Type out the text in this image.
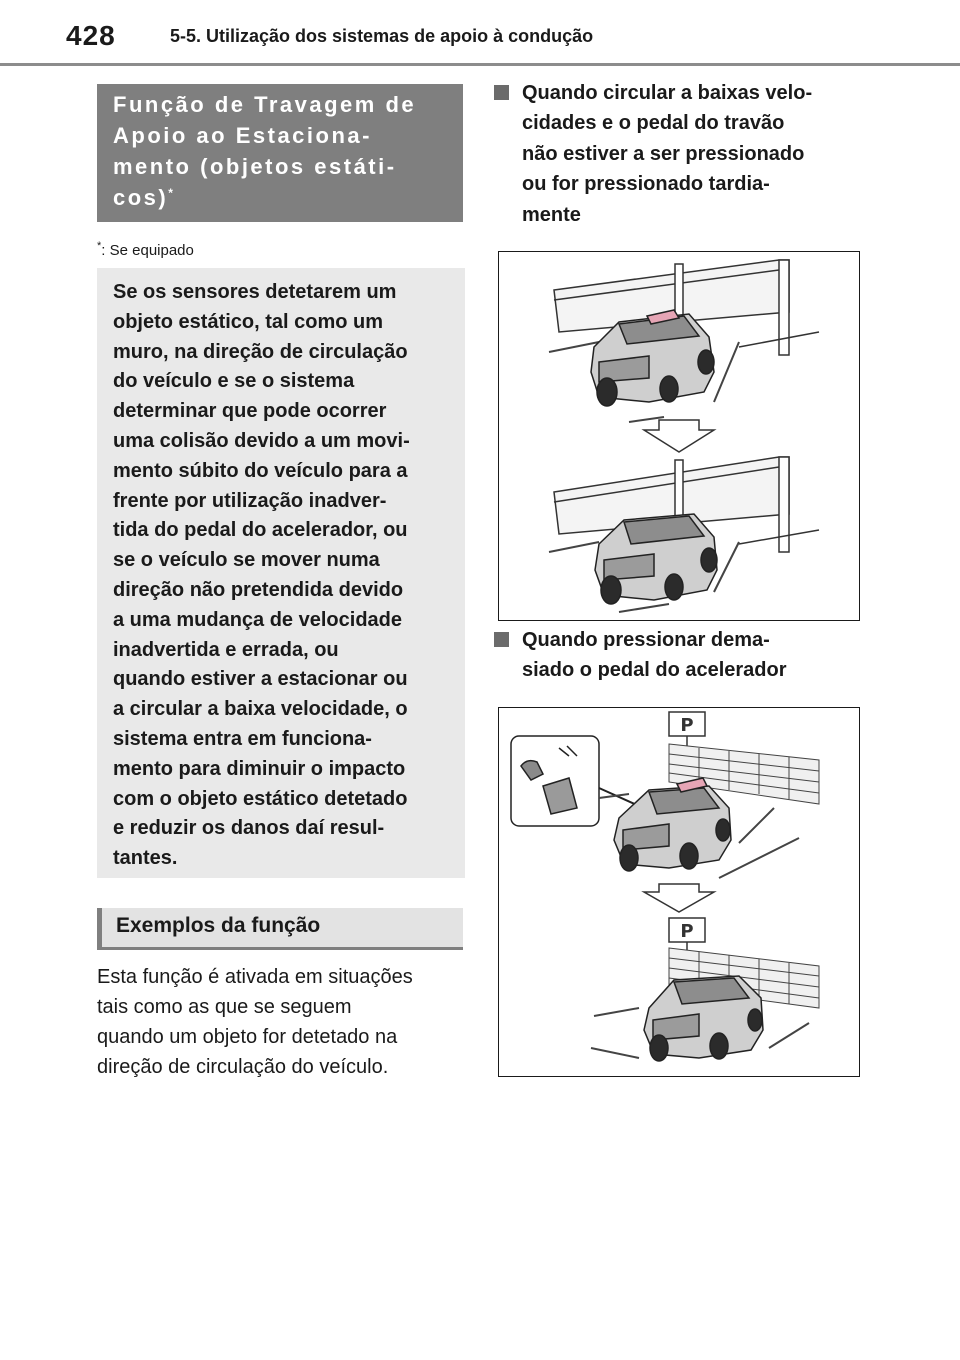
428	5-5. Utilização dos sistemas de apoio à condução
Função de Travagem de
Apoio ao Estaciona-
mento (objetos estáti-
cos)*
*: Se equipado
Se os sensores detetarem um
objeto estático, tal como um
muro, na direção de circulação
do veículo e se o sistema
determinar que pode ocorrer
uma colisão devido a um movi-
mento súbito do veículo para a
frente por utilização inadver-
tida do pedal do acelerador, ou
se o veículo se mover numa
direção não pretendida devido
a uma mudança de velocidade
inadvertida e errada, ou
quando estiver a estacionar ou
a circular a baixa velocidade, o
sistema entra em funciona-
mento para diminuir o impacto
com o objeto estático detetado
e reduzir os danos daí resul-
tantes.
Exemplos da função
Esta função é ativada em situações
tais como as que se seguem
quando um objeto for detetado na
direção de circulação do veículo.
Quando circular a baixas velo-
cidades e o pedal do travão
não estiver a ser pressionado
ou for pressionado tardia-
mente
Quando pressionar dema-
siado o pedal do acelerador
P
P
